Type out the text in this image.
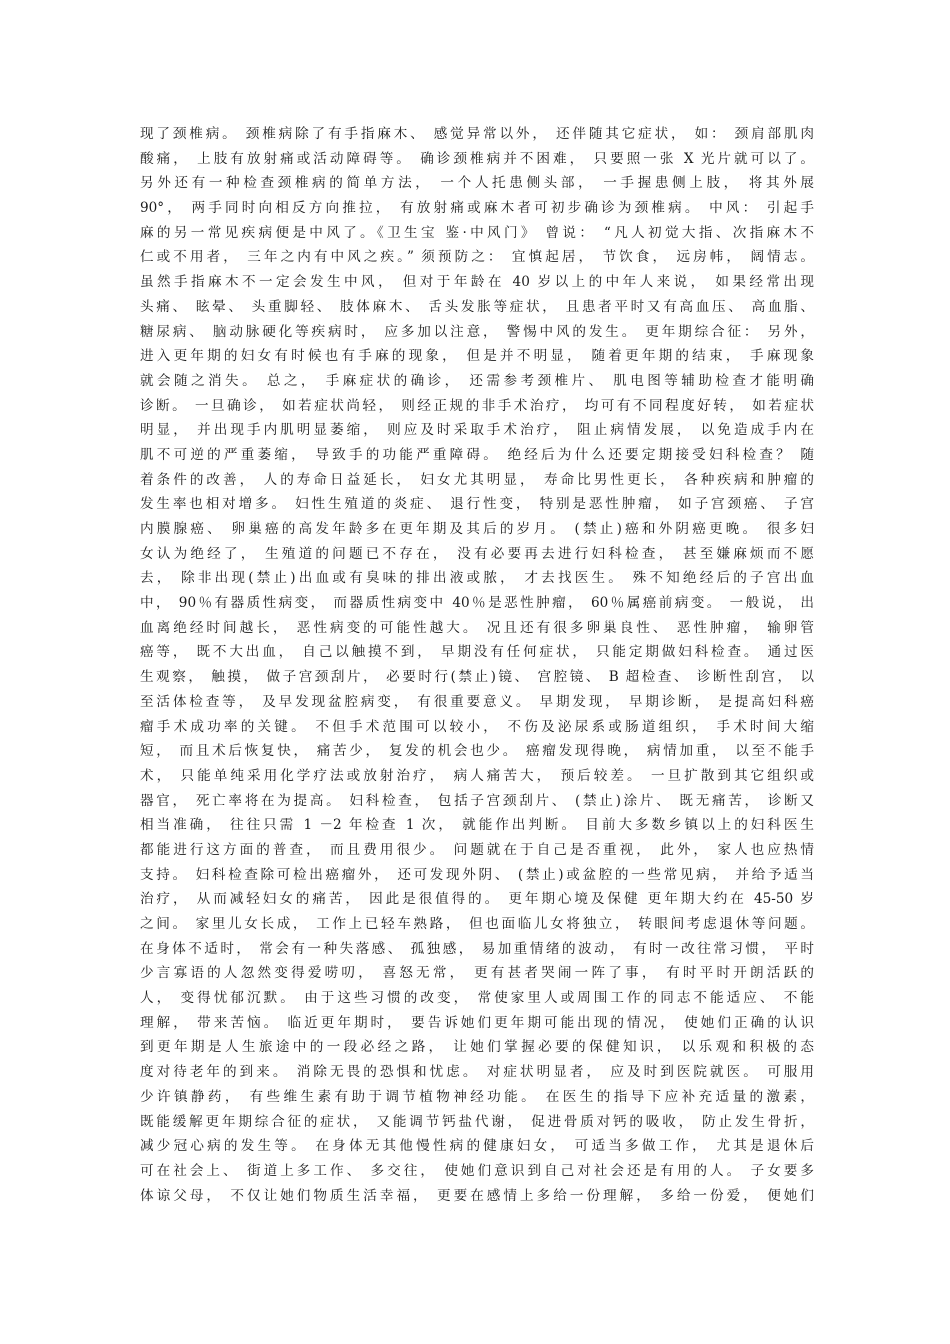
现了颈椎病。 颈椎病除了有手指麻木、 感觉异常以外， 还伴随其它症状， 如： 颈肩部肌肉
酸痛， 上肢有放射痛或活动障碍等。 确诊颈椎病并不困难， 只要照一张 X 光片就可以了。
另外还有一种检查颈椎病的简单方法， 一个人托患侧头部， 一手握患侧上肢， 将其外展
90°， 两手同时向相反方向推拉， 有放射痛或麻木者可初步确诊为颈椎病。 中风： 引起手
麻的另一常见疾病便是中风了。《卫生宝 鉴·中风门》 曾说： “凡人初觉大指、次指麻木不
仁或不用者， 三年之内有中风之疾。” 须预防之： 宜慎起居， 节饮食， 远房帏， 阔情志。
虽然手指麻木不一定会发生中风， 但对于年龄在 40 岁以上的中年人来说， 如果经常出现
头痛、 眩晕、 头重脚轻、 肢体麻木、 舌头发胀等症状， 且患者平时又有高血压、 高血脂、
糖尿病、 脑动脉硬化等疾病时， 应多加以注意， 警惕中风的发生。 更年期综合征： 另外，
进入更年期的妇女有时候也有手麻的现象， 但是并不明显， 随着更年期的结束， 手麻现象
就会随之消失。 总之， 手麻症状的确诊， 还需参考颈椎片、 肌电图等辅助检查才能明确
诊断。 一旦确诊， 如若症状尚轻， 则经正规的非手术治疗， 均可有不同程度好转， 如若症状
明显， 并出现手内肌明显萎缩， 则应及时采取手术治疗， 阻止病情发展， 以免造成手内在
肌不可逆的严重萎缩， 导致手的功能严重障碍。 绝经后为什么还要定期接受妇科检查？ 随
着条件的改善， 人的寿命日益延长， 妇女尤其明显， 寿命比男性更长， 各种疾病和肿瘤的
发生率也相对增多。 妇性生殖道的炎症、 退行性变， 特别是恶性肿瘤， 如子宫颈癌、 子宫
内膜腺癌、 卵巢癌的高发年龄多在更年期及其后的岁月。 (禁止)癌和外阴癌更晚。 很多妇
女认为绝经了， 生殖道的问题已不存在， 没有必要再去进行妇科检查， 甚至嫌麻烦而不愿
去， 除非出现(禁止)出血或有臭味的排出液或脓， 才去找医生。 殊不知绝经后的子宫出血
中， 90％有器质性病变， 而器质性病变中 40％是恶性肿瘤， 60％属癌前病变。 一般说， 出
血离绝经时间越长， 恶性病变的可能性越大。 况且还有很多卵巢良性、 恶性肿瘤， 输卵管
癌等， 既不大出血， 自己以触摸不到， 早期没有任何症状， 只能定期做妇科检查。 通过医
生观察， 触摸， 做子宫颈刮片， 必要时行(禁止)镜、 宫腔镜、 B 超检查、 诊断性刮宫， 以
至活体检查等， 及早发现盆腔病变， 有很重要意义。 早期发现， 早期诊断， 是提高妇科癌
瘤手术成功率的关键。 不但手术范围可以较小， 不伤及泌尿系或肠道组织， 手术时间大缩
短， 而且术后恢复快， 痛苦少， 复发的机会也少。 癌瘤发现得晚， 病情加重， 以至不能手
术， 只能单纯采用化学疗法或放射治疗， 病人痛苦大， 预后较差。 一旦扩散到其它组织或
器官， 死亡率将在为提高。 妇科检查， 包括子宫颈刮片、 (禁止)涂片、 既无痛苦， 诊断又
相当准确， 往往只需 1 －2 年检查 1 次， 就能作出判断。 目前大多数乡镇以上的妇科医生
都能进行这方面的普查， 而且费用很少。 问题就在于自己是否重视， 此外， 家人也应热情
支持。 妇科检查除可检出癌瘤外， 还可发现外阴、 (禁止)或盆腔的一些常见病， 并给予适当
治疗， 从而减轻妇女的痛苦， 因此是很值得的。 更年期心境及保健 更年期大约在 45-50 岁
之间。 家里儿女长成， 工作上已轻车熟路， 但也面临儿女将独立， 转眼间考虑退休等问题。
在身体不适时， 常会有一种失落感、 孤独感， 易加重情绪的波动， 有时一改往常习惯， 平时
少言寡语的人忽然变得爱唠叨， 喜怒无常， 更有甚者哭闹一阵了事， 有时平时开朗活跃的
人， 变得忧郁沉默。 由于这些习惯的改变， 常使家里人或周围工作的同志不能适应、 不能
理解， 带来苦恼。 临近更年期时， 要告诉她们更年期可能出现的情况， 使她们正确的认识
到更年期是人生旅途中的一段必经之路， 让她们掌握必要的保健知识， 以乐观和积极的态
度对待老年的到来。 消除无畏的恐惧和忧虑。 对症状明显者， 应及时到医院就医。 可服用
少许镇静药， 有些维生素有助于调节植物神经功能。 在医生的指导下应补充适量的激素，
既能缓解更年期综合征的症状， 又能调节钙盐代谢， 促进骨质对钙的吸收， 防止发生骨折，
减少冠心病的发生等。 在身体无其他慢性病的健康妇女， 可适当多做工作， 尤其是退休后
可在社会上、 街道上多工作、 多交往， 使她们意识到自己对社会还是有用的人。 子女要多
体谅父母， 不仅让她们物质生活幸福， 更要在感情上多给一份理解， 多给一份爱， 便她们
